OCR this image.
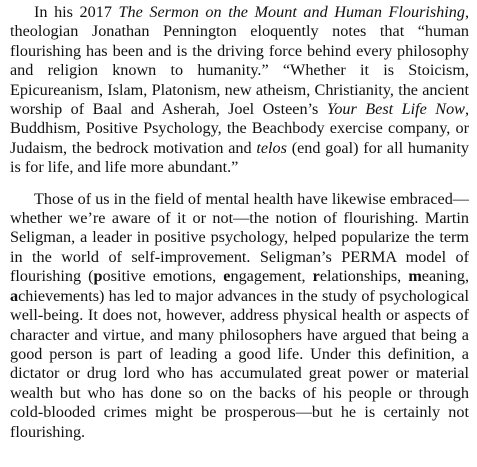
In his 2017 The Sermon on the Mount and Human Flourishing, theologian Jonathan Pennington eloquently notes that “human flourishing has been and is the driving force behind every philosophy and religion known to humanity.” “Whether it is Stoicism, Epicureanism, Islam, Platonism, new atheism, Christianity, the ancient worship of Baal and Asherah, Joel Osteen’s Your Best Life Now, Buddhism, Positive Psychology, the Beachbody exercise company, or Judaism, the bedrock motivation and telos (end goal) for all humanity is for life, and life more abundant.”

Those of us in the field of mental health have likewise embraced—whether we’re aware of it or not—the notion of flourishing. Martin Seligman, a leader in positive psychology, helped popularize the term in the world of self-improvement. Seligman’s PERMA model of flourishing (positive emotions, engagement, relationships, meaning, achievements) has led to major advances in the study of psychological well-being. It does not, however, address physical health or aspects of character and virtue, and many philosophers have argued that being a good person is part of leading a good life. Under this definition, a dictator or drug lord who has accumulated great power or material wealth but who has done so on the backs of his people or through cold-blooded crimes might be prosperous—but he is certainly not flourishing.
